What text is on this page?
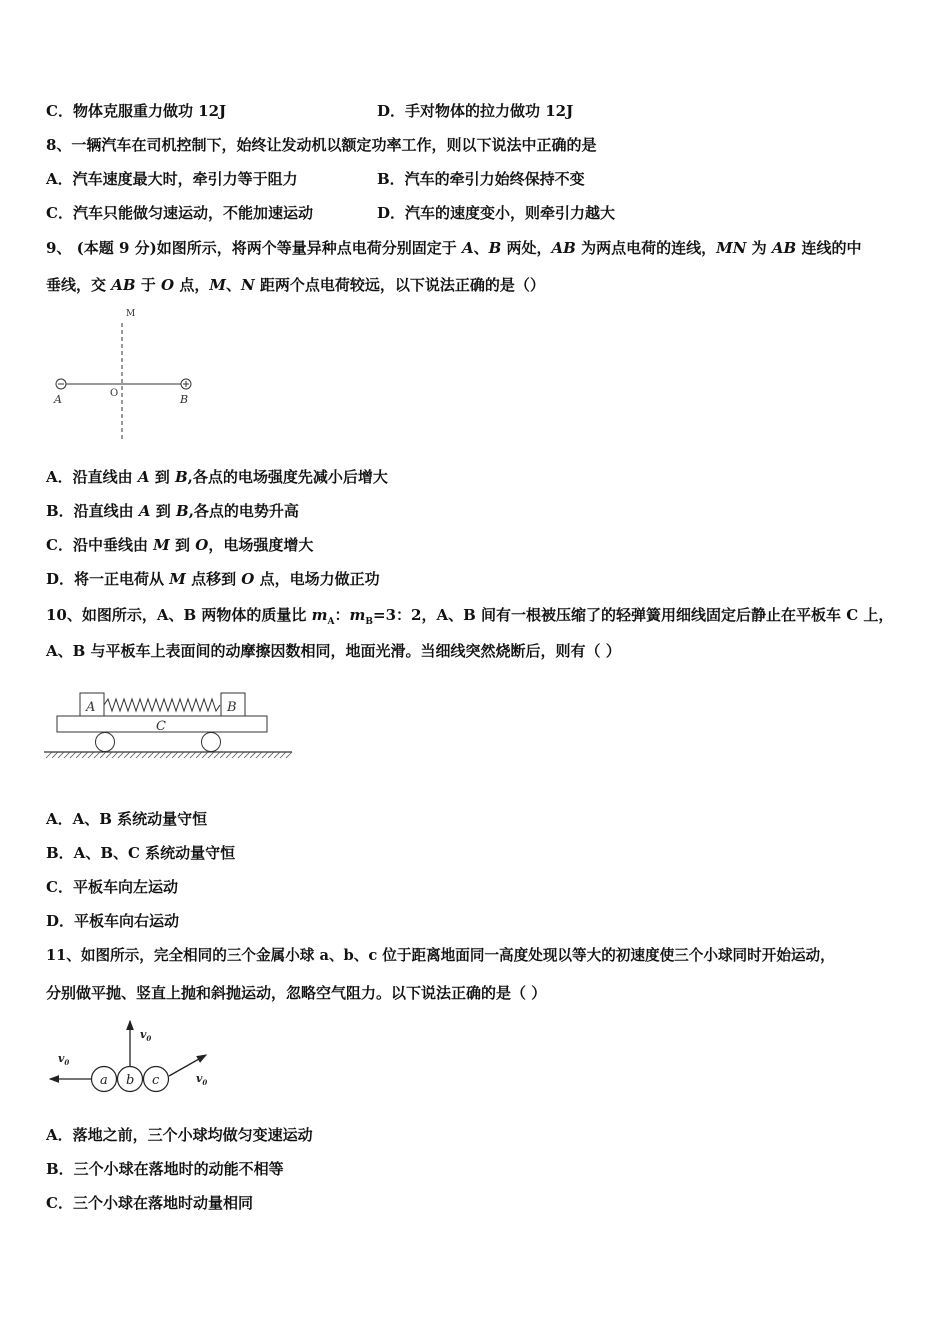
C．物体克服重力做功 12J	D．手对物体的拉力做功 12J
8、一辆汽车在司机控制下，始终让发动机以额定功率工作，则以下说法中正确的是
A．汽车速度最大时，牵引力等于阻力	B．汽车的牵引力始终保持不变
C．汽车只能做匀速运动，不能加速运动	D．汽车的速度变小，则牵引力越大
9、 (本题 9 分)如图所示，将两个等量异种点电荷分别固定于 A、B 两处，AB 为两点电荷的连线，MN 为 AB 连线的中
垂线，交 AB 于 O 点，M、N 距两个点电荷较远，以下说法正确的是（）
M
A	O	B
A．沿直线由 A 到 B,各点的电场强度先减小后增大
B．沿直线由 A 到 B,各点的电势升高
C．沿中垂线由 M 到 O，电场强度增大
D．将一正电荷从 M 点移到 O 点，电场力做正功
10、如图所示，A、B 两物体的质量比 $m_A$：$m_B=3$：2，A、B 间有一根被压缩了的轻弹簧用细线固定后静止在平板车 C 上，
A、B 与平板车上表面间的动摩擦因数相同，地面光滑。当细线突然烧断后，则有（ ）
A	B
C
A．A、B 系统动量守恒
B．A、B、C 系统动量守恒
C．平板车向左运动
D．平板车向右运动
11、如图所示，完全相同的三个金属小球 a、b、c 位于距离地面同一高度处现以等大的初速度使三个小球同时开始运动，
分别做平抛、竖直上抛和斜抛运动，忽略空气阻力。以下说法正确的是（ ）
$v_0$
$v_0$
$v_0$
a b c
A．落地之前，三个小球均做匀变速运动
B．三个小球在落地时的动能不相等
C．三个小球在落地时动量相同
